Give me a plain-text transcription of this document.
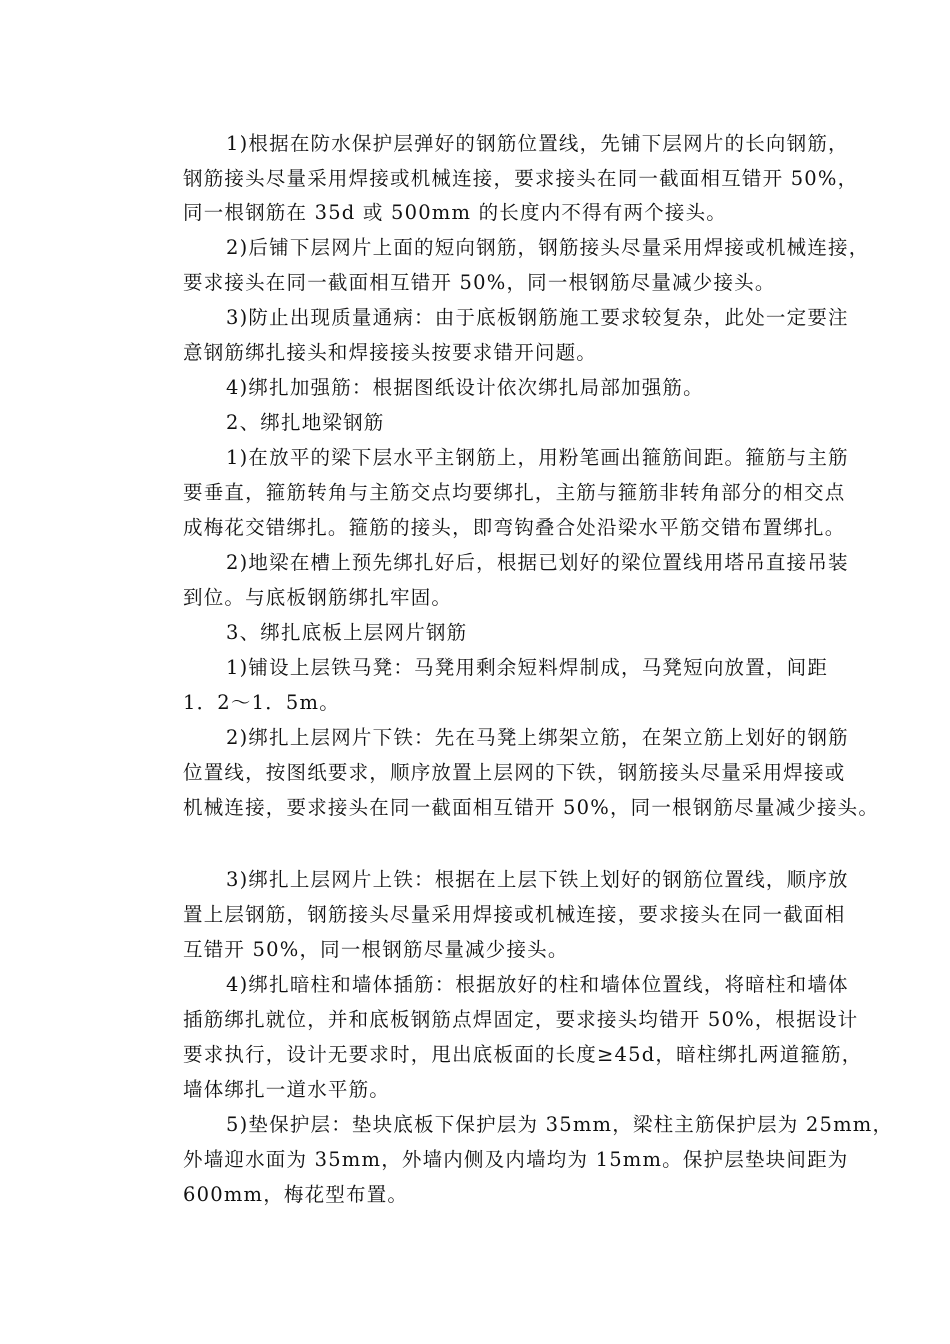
1)根据在防水保护层弹好的钢筋位置线，先铺下层网片的长向钢筋，
钢筋接头尽量采用焊接或机械连接，要求接头在同一截面相互错开 50%，
同一根钢筋在 35d 或 500mm 的长度内不得有两个接头。
2)后铺下层网片上面的短向钢筋，钢筋接头尽量采用焊接或机械连接，
要求接头在同一截面相互错开 50%，同一根钢筋尽量减少接头。
3)防止出现质量通病：由于底板钢筋施工要求较复杂，此处一定要注
意钢筋绑扎接头和焊接接头按要求错开问题。
4)绑扎加强筋：根据图纸设计依次绑扎局部加强筋。
2、绑扎地梁钢筋
1)在放平的梁下层水平主钢筋上，用粉笔画出箍筋间距。箍筋与主筋
要垂直，箍筋转角与主筋交点均要绑扎，主筋与箍筋非转角部分的相交点
成梅花交错绑扎。箍筋的接头，即弯钩叠合处沿梁水平筋交错布置绑扎。
2)地梁在槽上预先绑扎好后，根据已划好的梁位置线用塔吊直接吊装
到位。与底板钢筋绑扎牢固。
3、绑扎底板上层网片钢筋
1)铺设上层铁马凳：马凳用剩余短料焊制成，马凳短向放置，间距
1．2～1．5m。
2)绑扎上层网片下铁：先在马凳上绑架立筋，在架立筋上划好的钢筋
位置线，按图纸要求，顺序放置上层网的下铁，钢筋接头尽量采用焊接或
机械连接，要求接头在同一截面相互错开 50%，同一根钢筋尽量减少接头。
3)绑扎上层网片上铁：根据在上层下铁上划好的钢筋位置线，顺序放
置上层钢筋，钢筋接头尽量采用焊接或机械连接，要求接头在同一截面相
互错开 50%，同一根钢筋尽量减少接头。
4)绑扎暗柱和墙体插筋：根据放好的柱和墙体位置线，将暗柱和墙体
插筋绑扎就位，并和底板钢筋点焊固定，要求接头均错开 50%，根据设计
要求执行，设计无要求时，甩出底板面的长度≥45d，暗柱绑扎两道箍筋，
墙体绑扎一道水平筋。
5)垫保护层：垫块底板下保护层为 35mm，梁柱主筋保护层为 25mm，
外墙迎水面为 35mm，外墙内侧及内墙均为 15mm。保护层垫块间距为
600mm，梅花型布置。
